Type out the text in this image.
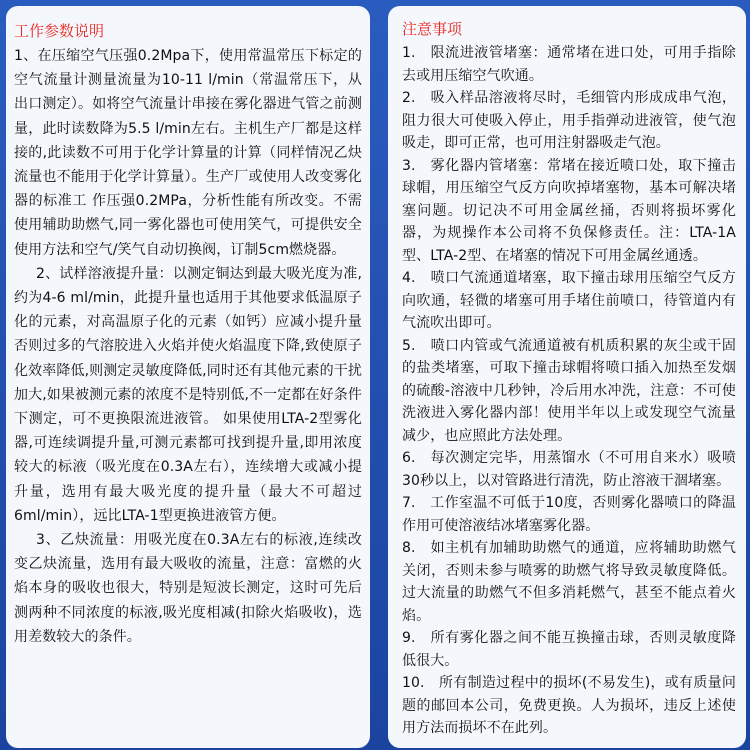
工作参数说明

1、在压缩空气压强0.2Mpa下，使用常温常压下标定的空气流量计测量流量为10-11 l/min（常温常压下，从出口测定）。如将空气流量计串接在雾化器进气管之前测量，此时读数降为5.5 l/min左右。主机生产厂都是这样接的,此读数不可用于化学计算量的计算（同样情况乙炔流量也不能用于化学计算量）。生产厂或使用人改变雾化器的标准工 作压强0.2MPa，分析性能有所改变。不需使用辅助助燃气,同一雾化器也可使用笑气，可提供安全使用方法和空气/笑气自动切换阀，订制5cm燃烧器。

2、试样溶液提升量：以测定铜达到最大吸光度为准,约为4-6 ml/min，此提升量也适用于其他要求低温原子化的元素，对高温原子化的元素（如钙）应减小提升量否则过多的气溶胶进入火焰并使火焰温度下降,致使原子 化效率降低,则测定灵敏度降低,同时还有其他元素的干扰加大,如果被测元素的浓度不是特别低,不一定都在好条件下测定，可不更换限流进液管。 如果使用LTA-2型雾化器,可连续调提升量,可测元素都可找到提升量,即用浓度较大的标液（吸光度在0.3A左右），连续增大或减小提升量，选用有最大吸光度的提升量（最大不可超过6ml/min），远比LTA-1型更换进液管方便。

3、乙炔流量：用吸光度在0.3A左右的标液,连续改变乙炔流量，选用有最大吸收的流量，注意：富燃的火焰本身的吸收也很大，特别是短波长测定，这时可先后测两种不同浓度的标液,吸光度相减(扣除火焰吸收)，选用差数较大的条件。

注意事项

1.　限流进液管堵塞：通常堵在进口处，可用手指除去或用压缩空气吹通。

2.　吸入样品溶液将尽时，毛细管内形成成串气泡，阻力很大可使吸入停止，用手指弹动进液管，使气泡吸走，即可正常，也可用注射器吸走气泡。

3.　雾化器内管堵塞：常堵在接近喷口处，取下撞击球帽，用压缩空气反方向吹掉堵塞物，基本可解决堵塞问题。切记决不可用金属丝捅，否则将损坏雾化器，为规操作本公司将不负保修责任。注：LTA-1A型、LTA-2型、在堵塞的情况下可用金属丝通透。

4.　喷口气流通道堵塞，取下撞击球用压缩空气反方向吹通，轻微的堵塞可用手堵住前喷口，待管道内有气流吹出即可。

5.　喷口内管或气流通道被有机质积累的灰尘或干固的盐类堵塞，可取下撞击球帽将喷口插入加热至发烟的硫酸-溶液中几秒钟，冷后用水冲洗，注意：不可使洗液进入雾化器内部！使用半年以上或发现空气流量减少，也应照此方法处理。

6.　每次测定完毕，用蒸馏水（不可用自来水）吸喷30秒以上，以对管路进行清洗，防止溶液干涸堵塞。

7.　工作室温不可低于10度，否则雾化器喷口的降温作用可使溶液结冰堵塞雾化器。

8.　如主机有加辅助助燃气的通道，应将辅助助燃气关闭，否则未参与喷雾的助燃气将导致灵敏度降低。过大流量的助燃气不但多消耗燃气，甚至不能点着火焰。

9.　所有雾化器之间不能互换撞击球，否则灵敏度降低很大。

10.　所有制造过程中的损坏(不易发生)，或有质量问题的邮回本公司，免费更换。人为损坏，违反上述使用方法而损坏不在此列。
